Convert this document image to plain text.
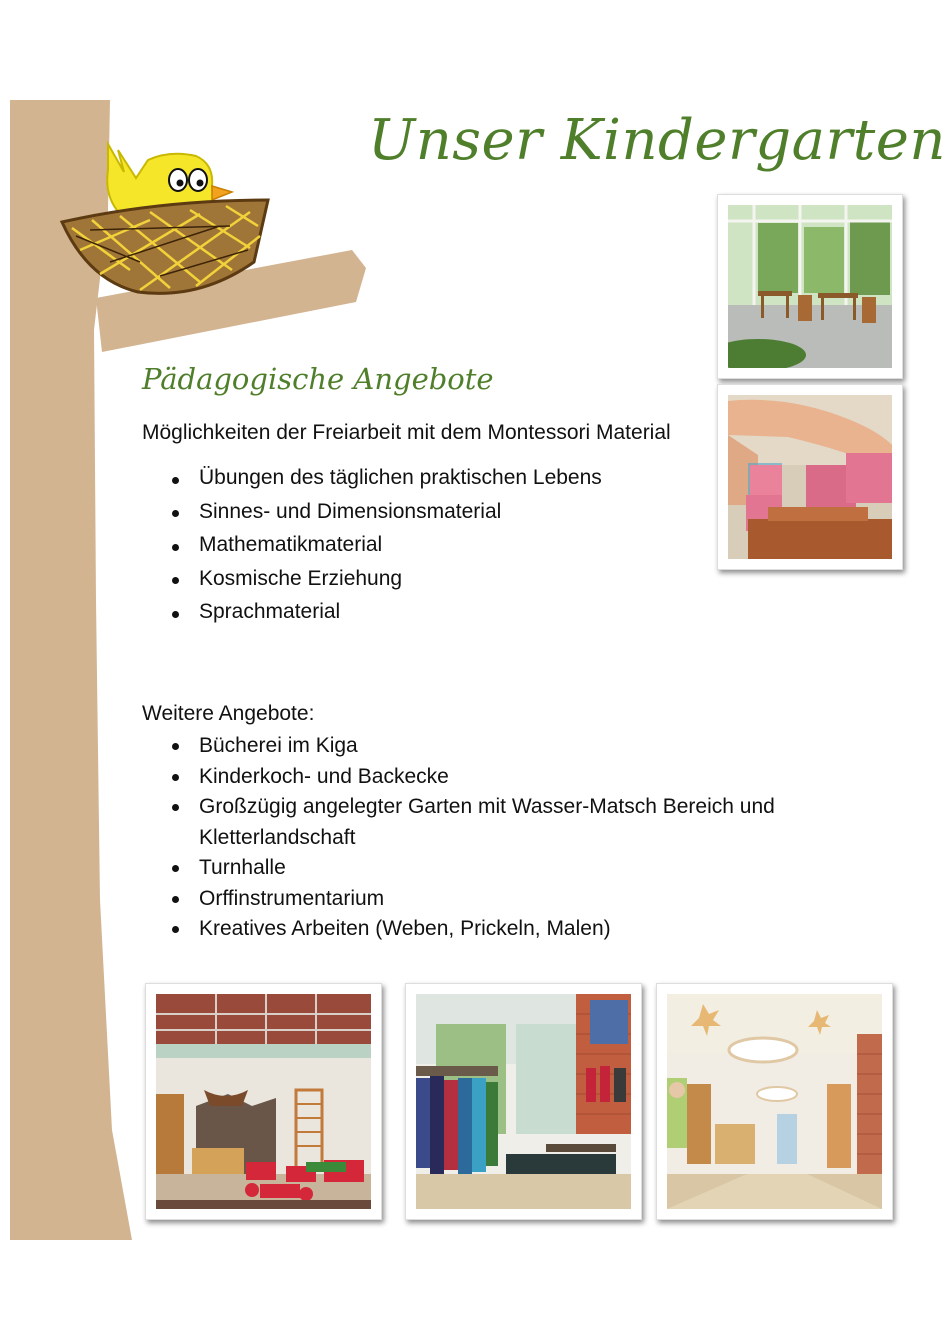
Unser Kindergarten
Pädagogische Angebote
Möglichkeiten der Freiarbeit mit dem Montessori Material
Übungen des täglichen praktischen Lebens
Sinnes- und Dimensionsmaterial
Mathematikmaterial
Kosmische Erziehung
Sprachmaterial
Weitere Angebote:
Bücherei im Kiga
Kinderkoch- und Backecke
Großzügig angelegter Garten mit Wasser-Matsch Bereich und
Kletterlandschaft
Turnhalle
Orffinstrumentarium
Kreatives Arbeiten (Weben, Prickeln, Malen)
